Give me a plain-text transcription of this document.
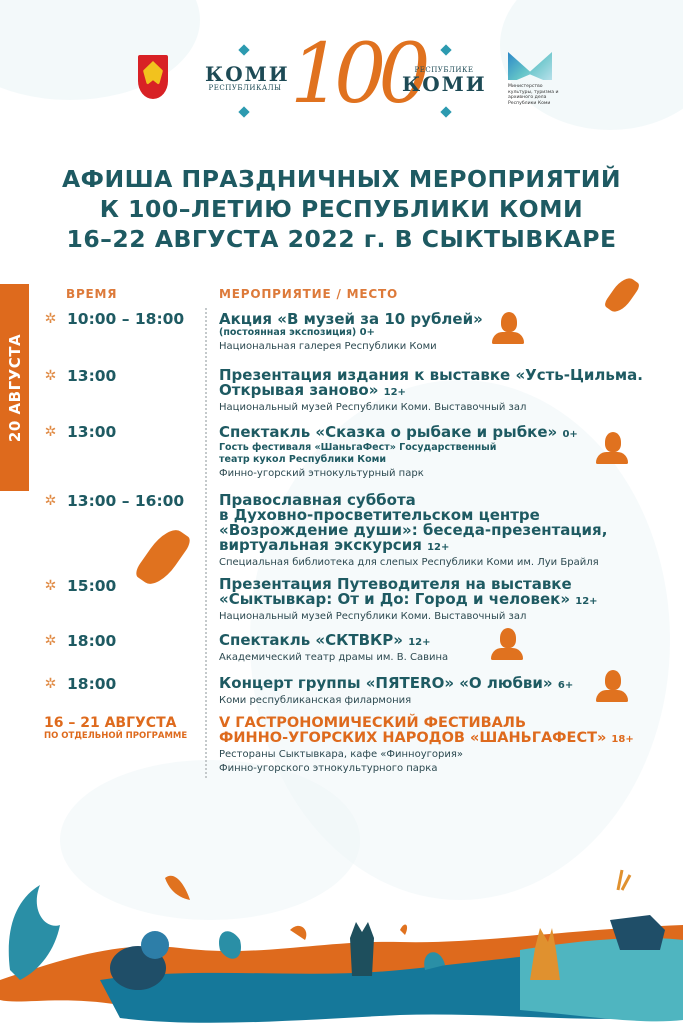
КОМИ
РЕСПУБЛИКАЛЫ 100
РЕСПУБЛИКЕ
КОМИ	Министерство культуры, туризма и архивного дела Республики Коми
АФИША ПРАЗДНИЧНЫХ МЕРОПРИЯТИЙ
К 100–ЛЕТИЮ РЕСПУБЛИКИ КОМИ
16–22 АВГУСТА 2022 г. В СЫКТЫВКАРЕ
20 АВГУСТА
ВРЕМЯ	МЕРОПРИЯТИЕ / МЕСТО
✲ 10:00 – 18:00
✲ 13:00
✲ 13:00
✲ 13:00 – 16:00
✲ 15:00
✲ 18:00
✲ 18:00
Акция «В музей за 10 рублей»
(постоянная экспозиция) 0+
Национальная галерея Республики Коми
Презентация издания к выставке «Усть-Цильма.
Открывая заново» 12+
Национальный музей Республики Коми. Выставочный зал
Спектакль «Сказка о рыбаке и рыбке» 0+
Гость фестиваля «ШаньгаФест» Государственный
театр кукол Республики Коми
Финно-угорский этнокультурный парк
Православная суббота
в Духовно-просветительском центре
«Возрождение души»: беседа-презентация,
виртуальная экскурсия 12+
Специальная библиотека для слепых Республики Коми им. Луи Брайля
Презентация Путеводителя на выставке
«Сыктывкар: От и До: Город и человек» 12+
Национальный музей Республики Коми. Выставочный зал
Спектакль «СКТВКР» 12+
Академический театр драмы им. В. Савина
Концерт группы «ПЯТЕRO» «О любви» 6+
Коми республиканская филармония
16 – 21 АВГУСТА
ПО ОТДЕЛЬНОЙ ПРОГРАММЕ
V ГАСТРОНОМИЧЕСКИЙ ФЕСТИВАЛЬ
ФИННО-УГОРСКИХ НАРОДОВ «ШАНЬГАФЕСТ» 18+
Рестораны Сыктывкара, кафе «Финноугория»
Финно-угорского этнокультурного парка
